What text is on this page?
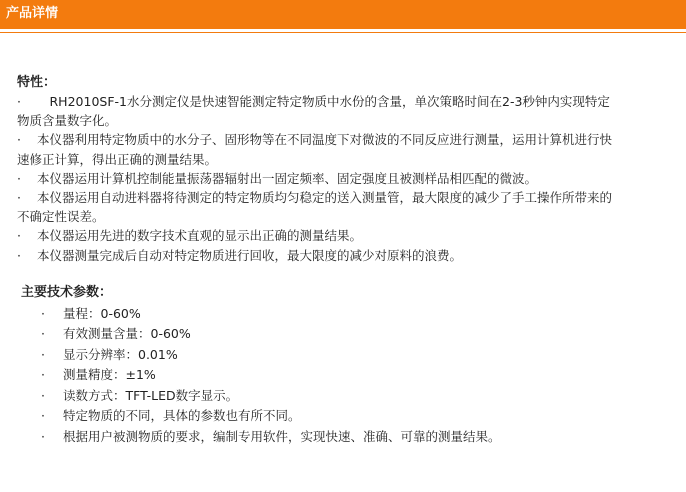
产品详情
特性：
·　RH2010SF-1水分测定仪是快速智能测定特定物质中水份的含量，单次策略时间在2-3秒钟内实现特定物质含量数字化。
· 本仪器利用特定物质中的水分子、固形物等在不同温度下对微波的不同反应进行测量，运用计算机进行快速修正计算，得出正确的测量结果。
· 本仪器运用计算机控制能量振荡器辐射出一固定频率、固定强度且被测样品相匹配的微波。
· 本仪器运用自动进料器将待测定的特定物质均匀稳定的送入测量管，最大限度的减少了手工操作所带来的不确定性误差。
· 本仪器运用先进的数字技术直观的显示出正确的测量结果。
· 本仪器测量完成后自动对特定物质进行回收，最大限度的减少对原料的浪费。
主要技术参数：
· 量程：0-60%
· 有效测量含量：0-60%
· 显示分辨率：0.01%
· 测量精度：±1%
· 读数方式：TFT-LED数字显示。
· 特定物质的不同，具体的参数也有所不同。
· 根据用户被测物质的要求，编制专用软件，实现快速、准确、可靠的测量结果。
